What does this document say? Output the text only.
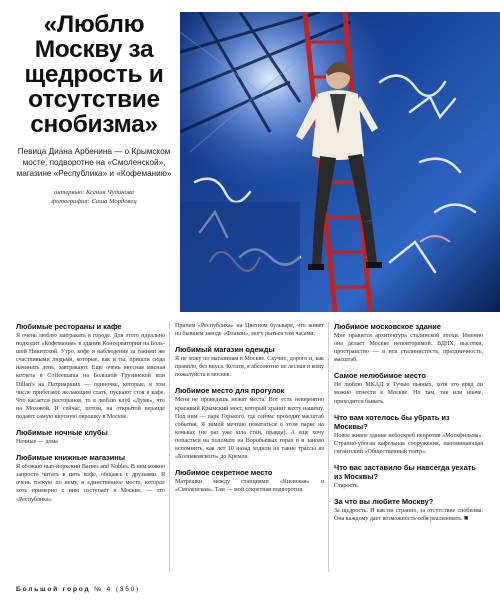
«Люблю Москву за щедрость и отсутствие снобизма»

Певица Диана Арбенина — о Крымском мосте, подворотне на «Смоленской», магазине «Республика» и «Кофеманию»

интервью: Ксения Чудинова
фотография: Саша Мордовец
Любимые рестораны и кафе

Я очень люблю завтракать в городе. Для этого идеально подходит «Кофемания» в здании Консерватории на Большой Никитской. Утро, кофе и наблюдение за такими же счастливыми людьми, которые, как и ты, пришли сюда начинать день, завтракают. Еще очень вкусная мясная котлета в Coffeemania на Большой Грузинской или Dillan's на Патриарших — одиночке, которые, в том числе прибегают желающим стать, пускают стоя в кафе. Что касается ресторанов, то я люблю клуб «Думе», что на Моховой. И сейчас, потом, на открытой веранде подают самую вкусную окрошку в Москве.

Любимые ночные клубы

Ночные — дома

Любимые книжные магазины

Я обожаю нью-йоркский Barnes and Nobles. В нем можно запросто читать в пять кофе, общаясь с друзьями. Я очень тоскую по нему, и единственное место, которое хоть примерно с ним соступает в Москве, — это «Республика»

Причем «Республика» на Цветном бульваре, что живет на бывшем заводе «Флакон», могу рыться там часами.

Любимый магазин одежды

Я не хожу по магазинам в Москве. Скучно, дорого и, как правило, без вкуса. Кстати, я абсолютно не лесная и кому пожалуйста в москве.

Любимое место для прогулок

Меня не проведешь нежат места. Вот есть невероятно красивый Крымский мост, который хранит вахту нашему. Под ним — парк Горького, где сейчас проходят масштаб события. Я зимой мечтаю покататься о этом парке на коньках (не раз уже шла стан, правда). А еще хочу попасться на поломате на Воробьевых горах в и заново вспомнить, как лет 10 назад ходили на такие трассы из «Колпаковского» до Кремля.

Любимое секретное место

Матрешки между станциями «Киевская» и «Смоленская». Там — мой секретная подворотня.

Любимое московское здание

Мне нравится архитектура сталинской эпохи. Именно она делает Москве неповторимой. ВДНХ, высотки, пространство — и вся сталинистость, праздничность, масштаб.

Самое нелюбимое место

Не люблю МКАД и Тучью пьяных, хотя это вряд ли можно отнести к Москве. Но там, так или иначе, приходится бывать.

Что вам хотелось бы убрать из Москвы?

Новое живое здание небоскреб непротив «Москфильма». Странно-убогая кафельная сооружения, напоминающая гигантский «Общественный театр».

Что вас заставило бы навсегда уехать из Москвы?

Старость.

За что вы любите Москву?

За щедрость. И как ни странно, за отсутствие снобизма. Она каждому дает возможность себя реализовать. ■

Большой город № 4 (350)
